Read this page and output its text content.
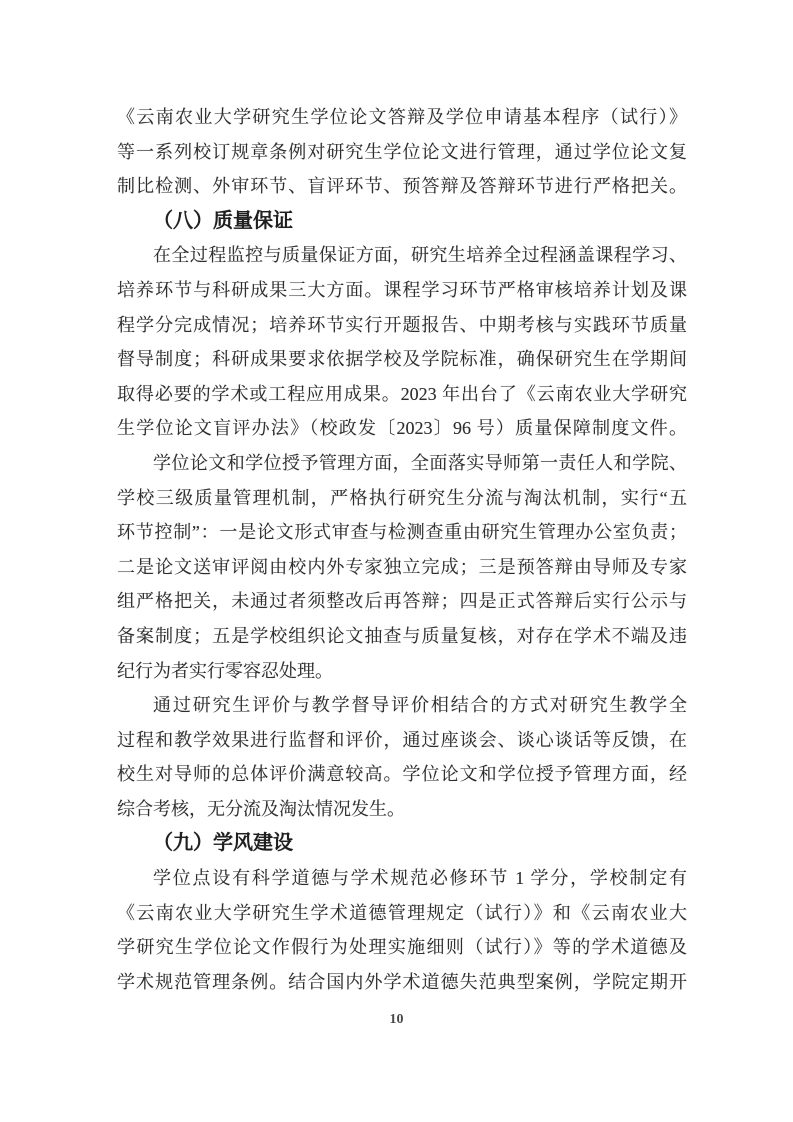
《云南农业大学研究生学位论文答辩及学位申请基本程序（试行）》
等一系列校订规章条例对研究生学位论文进行管理，通过学位论文复
制比检测、外审环节、盲评环节、预答辩及答辩环节进行严格把关。
（八）质量保证
在全过程监控与质量保证方面，研究生培养全过程涵盖课程学习、
培养环节与科研成果三大方面。课程学习环节严格审核培养计划及课
程学分完成情况；培养环节实行开题报告、中期考核与实践环节质量
督导制度；科研成果要求依据学校及学院标准，确保研究生在学期间
取得必要的学术或工程应用成果。2023 年出台了《云南农业大学研究
生学位论文盲评办法》（校政发〔2023〕96 号）质量保障制度文件。
学位论文和学位授予管理方面，全面落实导师第一责任人和学院、
学校三级质量管理机制，严格执行研究生分流与淘汰机制，实行“五
环节控制”：一是论文形式审查与检测查重由研究生管理办公室负责；
二是论文送审评阅由校内外专家独立完成；三是预答辩由导师及专家
组严格把关，未通过者须整改后再答辩；四是正式答辩后实行公示与
备案制度；五是学校组织论文抽查与质量复核，对存在学术不端及违
纪行为者实行零容忍处理。
通过研究生评价与教学督导评价相结合的方式对研究生教学全
过程和教学效果进行监督和评价，通过座谈会、谈心谈话等反馈，在
校生对导师的总体评价满意较高。学位论文和学位授予管理方面，经
综合考核，无分流及淘汰情况发生。
（九）学风建设
学位点设有科学道德与学术规范必修环节 1 学分，学校制定有
《云南农业大学研究生学术道德管理规定（试行）》和《云南农业大
学研究生学位论文作假行为处理实施细则（试行）》等的学术道德及
学术规范管理条例。结合国内外学术道德失范典型案例，学院定期开
10
